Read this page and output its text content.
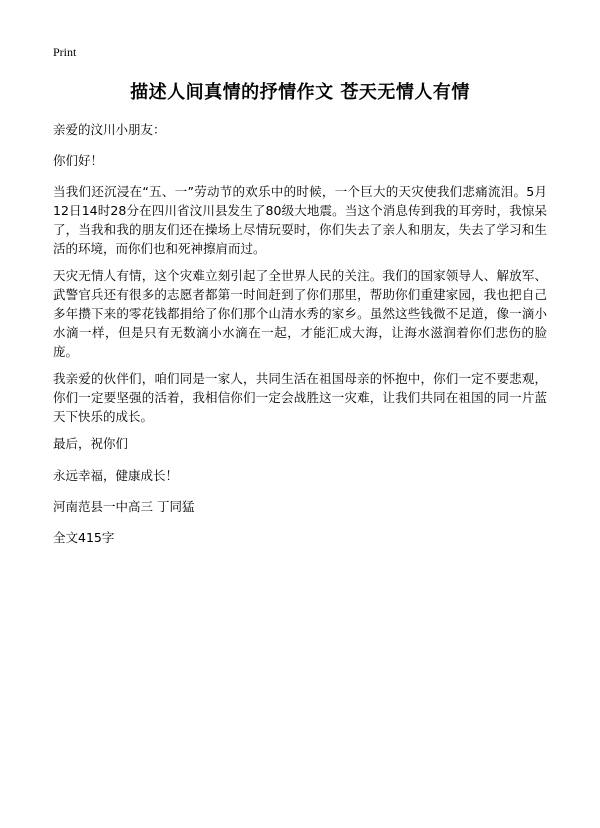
Print
描述人间真情的抒情作文 苍天无情人有情

亲爱的汶川小朋友：

你们好！

当我们还沉浸在“五、一”劳动节的欢乐中的时候，一个巨大的天灾使我们悲痛流泪。5月12日14时28分在四川省汶川县发生了80级大地震。当这个消息传到我的耳旁时，我惊呆了，当我和我的朋友们还在操场上尽情玩耍时，你们失去了亲人和朋友，失去了学习和生活的环境，而你们也和死神擦肩而过。

天灾无情人有情，这个灾难立刻引起了全世界人民的关注。我们的国家领导人、解放军、武警官兵还有很多的志愿者都第一时间赶到了你们那里，帮助你们重建家园，我也把自己多年攒下来的零花钱都捐给了你们那个山清水秀的家乡。虽然这些钱微不足道，像一滴小水滴一样，但是只有无数滴小水滴在一起，才能汇成大海，让海水滋润着你们悲伤的脸庞。

我亲爱的伙伴们，咱们同是一家人，共同生活在祖国母亲的怀抱中，你们一定不要悲观，你们一定要坚强的活着，我相信你们一定会战胜这一灾难，让我们共同在祖国的同一片蓝天下快乐的成长。

最后，祝你们

永远幸福，健康成长！

河南范县一中高三 丁同猛

全文415字
